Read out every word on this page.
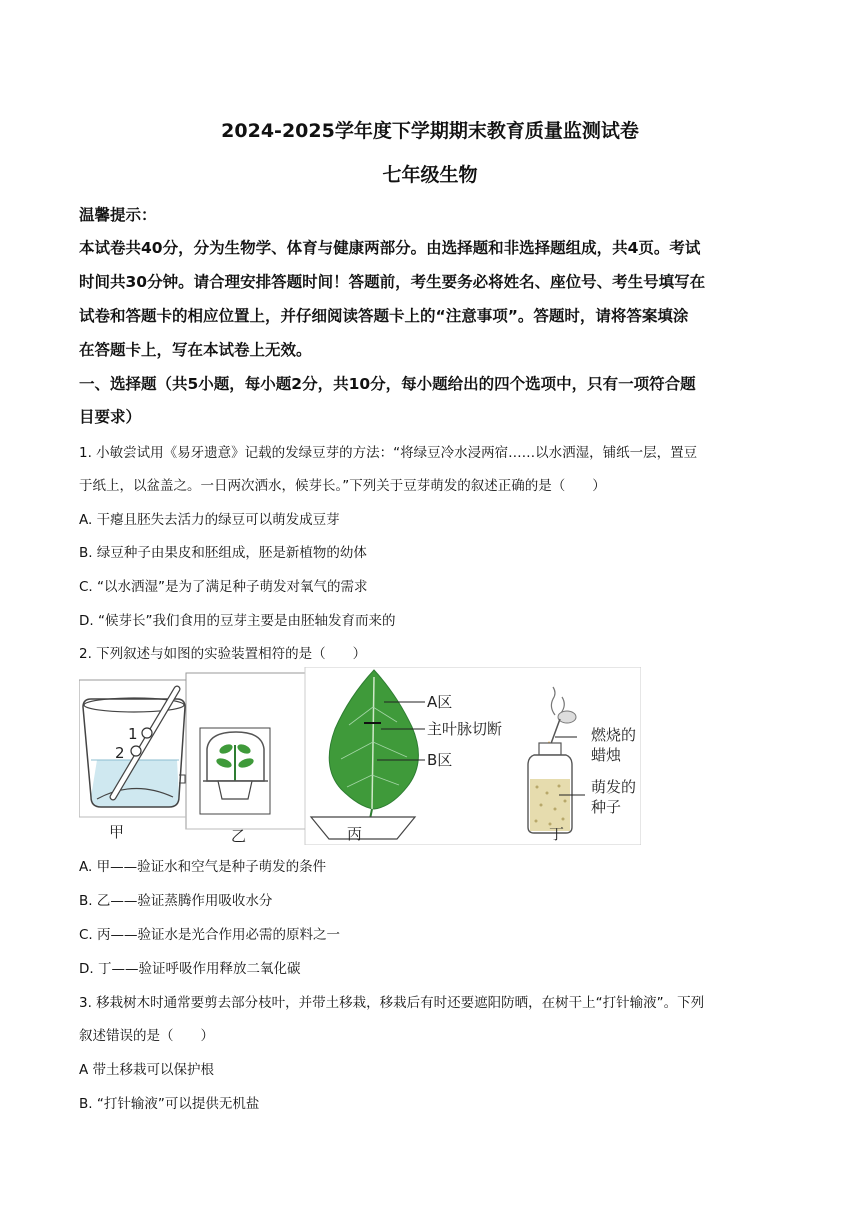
2024-2025学年度下学期期末教育质量监测试卷
七年级生物
温馨提示：
本试卷共40分，分为生物学、体育与健康两部分。由选择题和非选择题组成，共4页。考试
时间共30分钟。请合理安排答题时间！答题前，考生要务必将姓名、座位号、考生号填写在
试卷和答题卡的相应位置上，并仔细阅读答题卡上的“注意事项”。答题时，请将答案填涂
在答题卡上，写在本试卷上无效。
一、选择题（共5小题，每小题2分，共10分，每小题给出的四个选项中，只有一项符合题
目要求）
1. 小敏尝试用《易牙遗意》记载的发绿豆芽的方法：“将绿豆冷水浸两宿……以水洒湿，铺纸一层，置豆
于纸上，以盆盖之。一日两次洒水，候芽长。”下列关于豆芽萌发的叙述正确的是（　　）
A. 干瘪且胚失去活力的绿豆可以萌发成豆芽
B. 绿豆种子由果皮和胚组成，胚是新植物的幼体
C. “以水洒湿”是为了满足种子萌发对氧气的需求
D. “候芽长”我们食用的豆芽主要是由胚轴发育而来的
2. 下列叙述与如图的实验装置相符的是（　　）
1
2
甲	乙
A区
主叶脉切断
B区
丙
燃烧的
蜡烛
萌发的
种子
丁
A. 甲——验证水和空气是种子萌发的条件
B. 乙——验证蒸腾作用吸收水分
C. 丙——验证水是光合作用必需的原料之一
D. 丁——验证呼吸作用释放二氧化碳
3. 移栽树木时通常要剪去部分枝叶，并带土移栽，移栽后有时还要遮阳防晒，在树干上“打针输液”。下列
叙述错误的是（　　）
A 带土移栽可以保护根
B. “打针输液”可以提供无机盐
